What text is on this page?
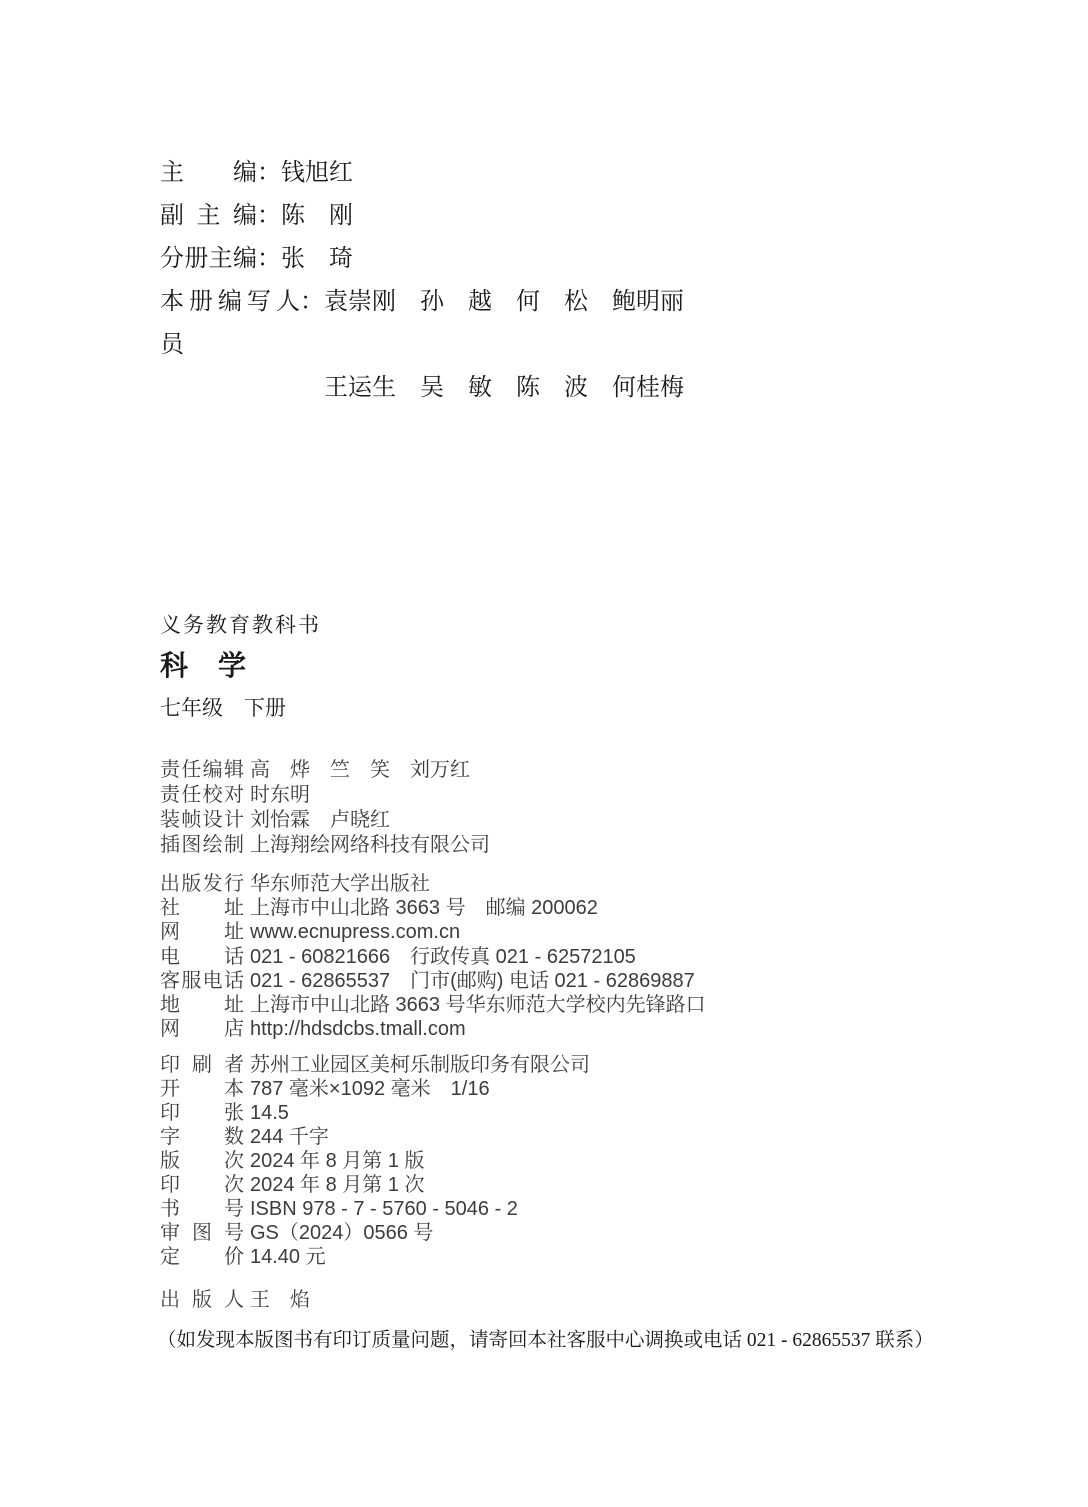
主编 ： 钱旭红
副主编 ： 陈　刚
分册主编 ： 张　琦
本册编写人员
： 袁崇刚　孙　越　何　松　鲍明丽
王运生　吴　敏　陈　波　何桂梅
义务教育教科书
科　学
七年级　下册
责任编辑 高　烨　竺　笑　刘万红
责任校对 时东明
装帧设计 刘怡霖　卢晓红
插图绘制 上海翔绘网络科技有限公司
出版发行 华东师范大学出版社
社址 上海市中山北路 3663 号　邮编 200062
网址 www.ecnupress.com.cn
电话 021 - 60821666　行政传真 021 - 62572105
客服电话 021 - 62865537　门市(邮购) 电话 021 - 62869887
地址 上海市中山北路 3663 号华东师范大学校内先锋路口
网店 http://hdsdcbs.tmall.com
印刷者 苏州工业园区美柯乐制版印务有限公司
开本 787 毫米×1092 毫米　1/16
印张 14.5
字数 244 千字
版次 2024 年 8 月第 1 版
印次 2024 年 8 月第 1 次
书号 ISBN 978 - 7 - 5760 - 5046 - 2
审图号 GS（2024）0566 号
定价 14.40 元
出版人 王　焰
（如发现本版图书有印订质量问题，请寄回本社客服中心调换或电话 021 - 62865537 联系）
